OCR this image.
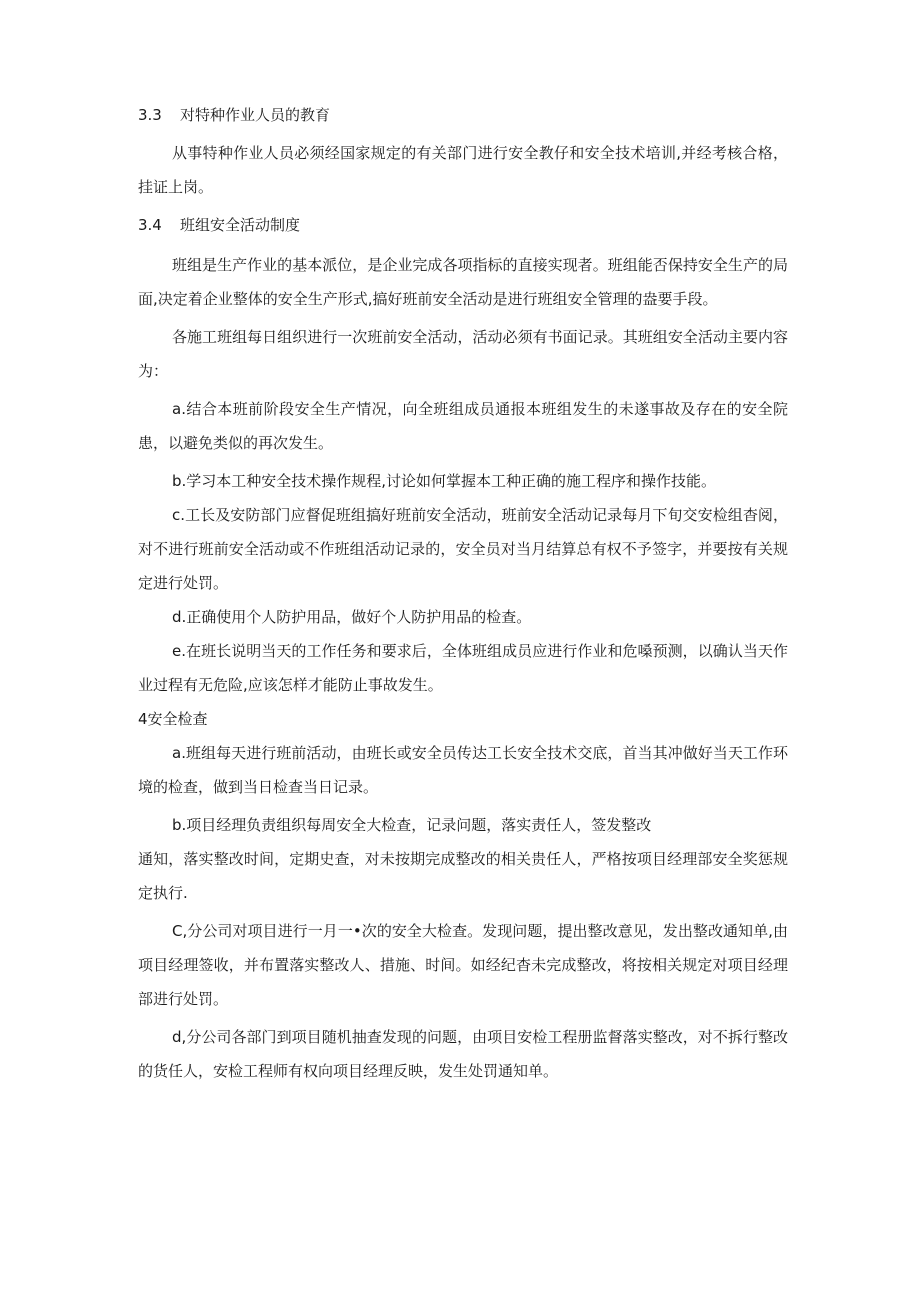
3.3 对特种作业人员的教育

从事特种作业人员必须经国家规定的有关部门进行安全教仔和安全技术培训,并经考核合格，挂证上岗。

3.4 班组安全活动制度

班组是生产作业的基本派位，是企业完成各项指标的直接实现者。班组能否保持安全生产的局面,决定着企业整体的安全生产形式,搞好班前安全活动是进行班组安全管理的盎要手段。

各施工班组每日组织进行一次班前安全活动，活动必须有书面记录。其班组安全活动主要内容为：

a.结合本班前阶段安全生产情况，向全班组成员通报本班组发生的未遂事故及存在的安全院患，以避免类似的再次发生。

b.学习本工种安全技术操作规程,讨论如何掌握本工种正确的施工程序和操作技能。

c.工长及安防部门应督促班组搞好班前安全活动，班前安全活动记录每月下旬交安检组杳阅，对不进行班前安全活动或不作班组活动记录的，安全员对当月结算总有权不予签字，并要按有关规定进行处罚。

d.正确使用个人防护用品，做好个人防护用品的检查。

e.在班长说明当天的工作任务和要求后，全体班组成员应进行作业和危嗓预测，以确认当天作业过程有无危险,应该怎样才能防止事故发生。

4安全检查

a.班组每天进行班前活动，由班长或安全员传达工长安全技术交底，首当其冲做好当天工作环境的检查，做到当日检查当日记录。

b.项目经理负责组织每周安全大检查，记录问题，落实责任人，签发整改

通知，落实整改时间，定期史查，对未按期完成整改的相关贵任人，严格按项目经理部安全奖惩规定执行.

C,分公司对项目进行一月一•次的安全大检查。发现问题，提出整改意见，发出整改通知单,由项目经理签收，并布置落实整改人、措施、时间。如经纪杳未完成整改，将按相关规定对项目经理部进行处罚。

d,分公司各部门到项目随机抽查发现的问题，由项目安检工程册监督落实整改，对不拆行整改的货任人，安检工程师有权向项目经理反映，发生处罚通知单。
